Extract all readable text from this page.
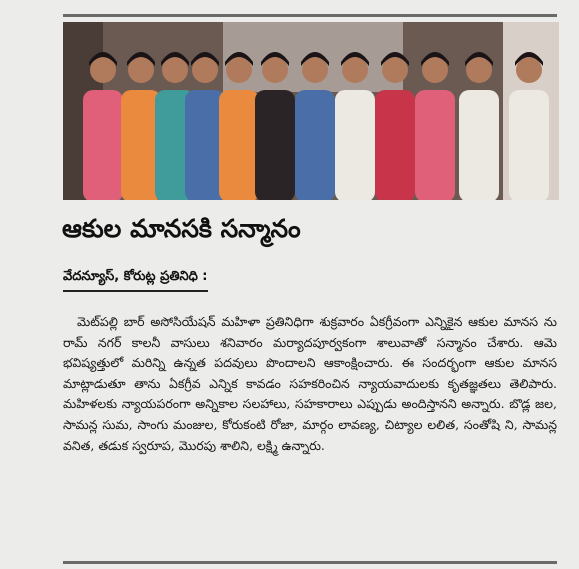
ఆకుల మానసకి సన్మానం
వేదన్యూస్, కోరుట్ల ప్రతినిధి :
మెట్‌పల్లి బార్ అసోసియేషన్ మహిళా ప్రతినిధిగా శుక్రవారం ఏకగ్రీవంగా ఎన్నికైన ఆకుల మానస ను రామ్ నగర్ కాలనీ వాసులు శనివారం మర్యాదపూర్వకంగా శాలువాతో సన్మానం చేశారు. ఆమె భవిష్యత్తులో మరిన్ని ఉన్నత పదవులు పొందాలని ఆకాంక్షించారు. ఈ సందర్భంగా ఆకుల మానస మాట్లాడుతూ తాను ఏకగ్రీవ ఎన్నిక కావడం సహకరించిన న్యాయవాదులకు కృతజ్ఞతలు తెలిపారు. మహిళలకు న్యాయపరంగా అన్నికాల సలహాలు, సహకారాలు ఎప్పుడు అందిస్తానని అన్నారు. బొడ్ల జల, సామన్ల సుమ, సాంగు మంజుల, కోరుకంటి రోజా, మార్గం లావణ్య, చిట్యాల లలిత, సంతోషి ని, సామన్ల వనిత, తడుక స్వరూప, మొరపు శాలిని, లక్ష్మి ఉన్నారు.
